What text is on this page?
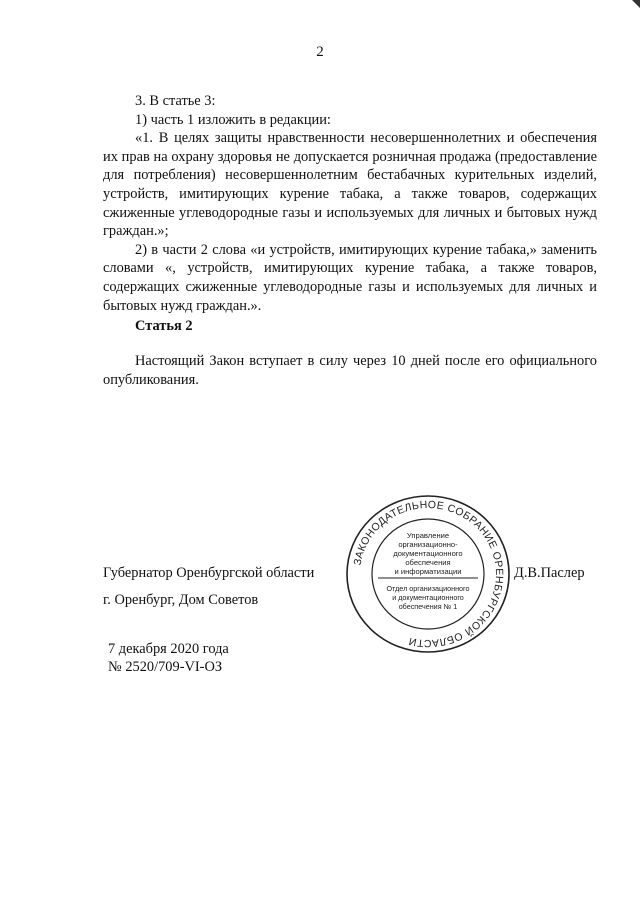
2

3. В статье 3:

1) часть 1 изложить в редакции:

«1. В целях защиты нравственности несовершеннолетних и обеспечения их прав на охрану здоровья не допускается розничная продажа (предоставление для потребления) несовершеннолетним бестабачных курительных изделий, устройств, имитирующих курение табака, а также товаров, содержащих сжиженные углеводородные газы и используемых для личных и бытовых нужд граждан.»;

2) в части 2 слова «и устройств, имитирующих курение табака,» заменить словами «, устройств, имитирующих курение табака, а также товаров, содержащих сжиженные углеводородные газы и используемых для личных и бытовых нужд граждан.».

Статья 2

Настоящий Закон вступает в силу через 10 дней после его официального опубликования.

Губернатор Оренбургской области
г. Оренбург, Дом Советов
Д.В.Паслер
ЗАКОНОДАТЕЛЬНОЕ СОБРАНИЕ ОРЕНБУРГСКОЙ ОБЛАСТИ
Управление
организационно-
документационного
обеспечения
и информатизации
Отдел организационного
и документационного
обеспечения № 1
7 декабря 2020 года
№ 2520/709-VI-ОЗ
